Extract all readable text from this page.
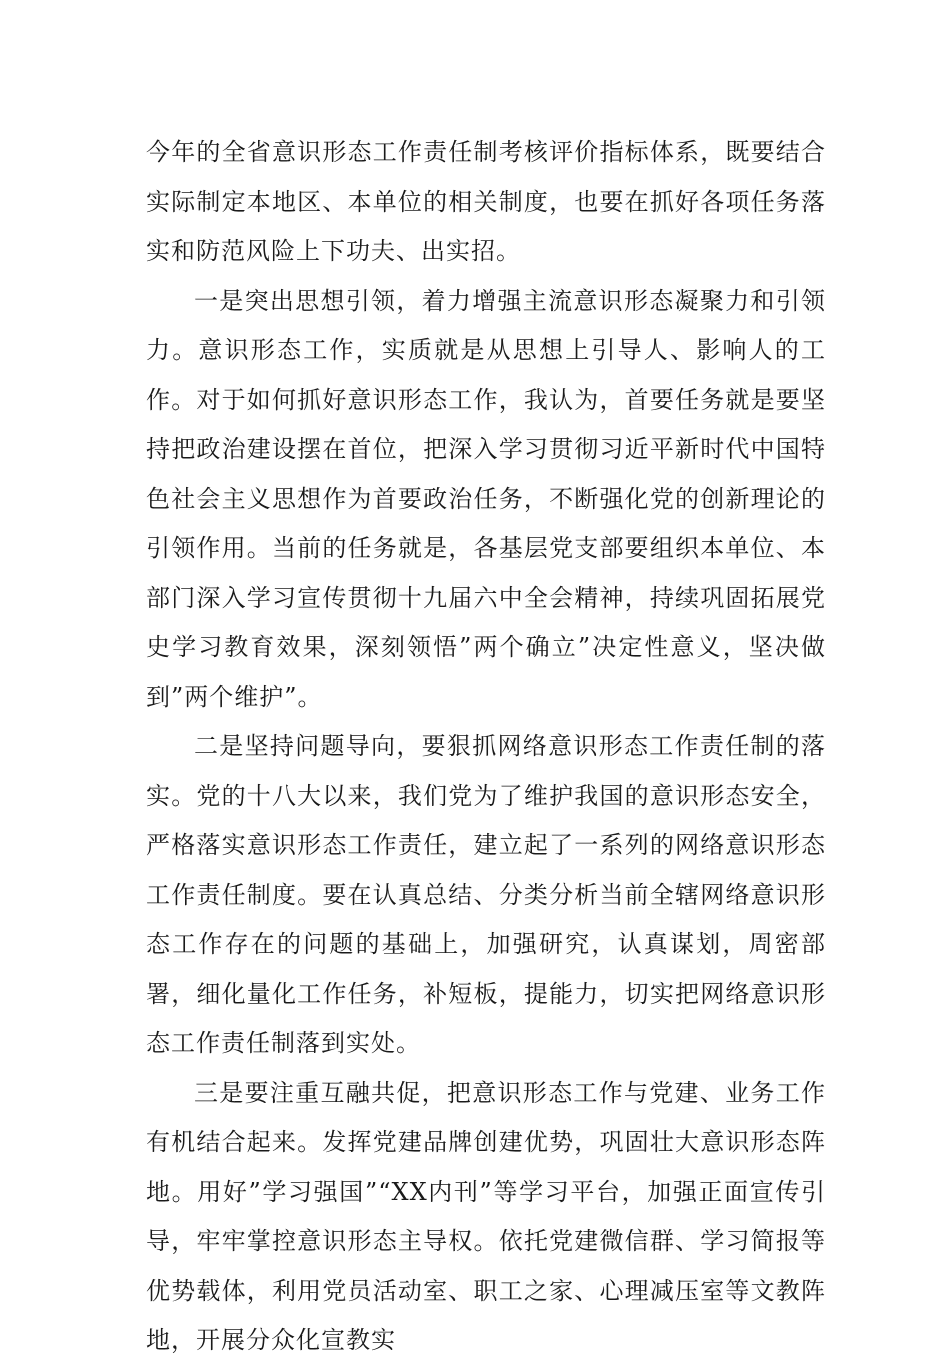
今年的全省意识形态工作责任制考核评价指标体系，既要结合实际制定本地区、本单位的相关制度，也要在抓好各项任务落实和防范风险上下功夫、出实招。

一是突出思想引领，着力增强主流意识形态凝聚力和引领力。意识形态工作，实质就是从思想上引导人、影响人的工作。对于如何抓好意识形态工作，我认为，首要任务就是要坚持把政治建设摆在首位，把深入学习贯彻习近平新时代中国特色社会主义思想作为首要政治任务，不断强化党的创新理论的引领作用。当前的任务就是，各基层党支部要组织本单位、本部门深入学习宣传贯彻十九届六中全会精神，持续巩固拓展党史学习教育效果，深刻领悟”两个确立”决定性意义，坚决做到”两个维护”。

二是坚持问题导向，要狠抓网络意识形态工作责任制的落实。党的十八大以来，我们党为了维护我国的意识形态安全，严格落实意识形态工作责任，建立起了一系列的网络意识形态工作责任制度。要在认真总结、分类分析当前全辖网络意识形态工作存在的问题的基础上，加强研究，认真谋划，周密部署，细化量化工作任务，补短板，提能力，切实把网络意识形态工作责任制落到实处。

三是要注重互融共促，把意识形态工作与党建、业务工作有机结合起来。发挥党建品牌创建优势，巩固壮大意识形态阵地。用好”学习强国”“XX内刊”等学习平台，加强正面宣传引导，牢牢掌控意识形态主导权。依托党建微信群、学习简报等优势载体，利用党员活动室、职工之家、心理减压室等文教阵地，开展分众化宣教实
